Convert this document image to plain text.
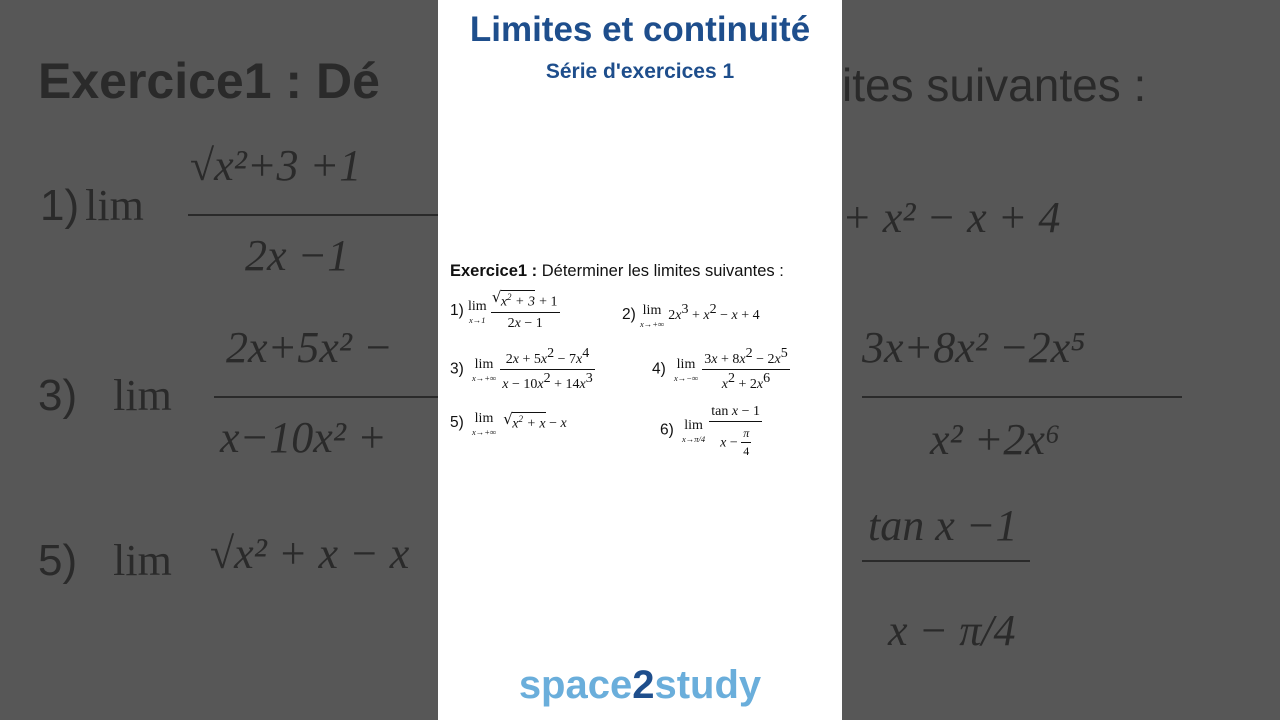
Exercice1 : Dé	ites suivantes :
1) lim
√x²+3 +1
2x −1
+ x² − x + 4
3) lim
2x+5x² −
x−10x² +
3x+8x² −2x⁵
x² +2x⁶
5) lim √x² + x − x
tan x −1
x − π/4
Limites et continuité
Série d'exercices 1
Exercice1 : Déterminer les limites suivantes :
1) lim
x→1

√ $\frac{x^2 + 3 + 1}{2x - 1}$	2) lim
x→+∞
$2x^3 + x^2 - x + 4$
3) lim
x→+∞
$\frac{2x + 5x^2 - 7x^4}{x - 10x^2 + 14x^3}$	4) lim
x→−∞
$\frac{3x + 8x^2 - 2x^5}{x^2 + 2x^6}$
5) lim
x→+∞
√ $x^2 + x - x$	6) lim
x→π/4
$\frac{\text{tan x − 1}}{x - \frac{\pi}{4}}$
space2study
